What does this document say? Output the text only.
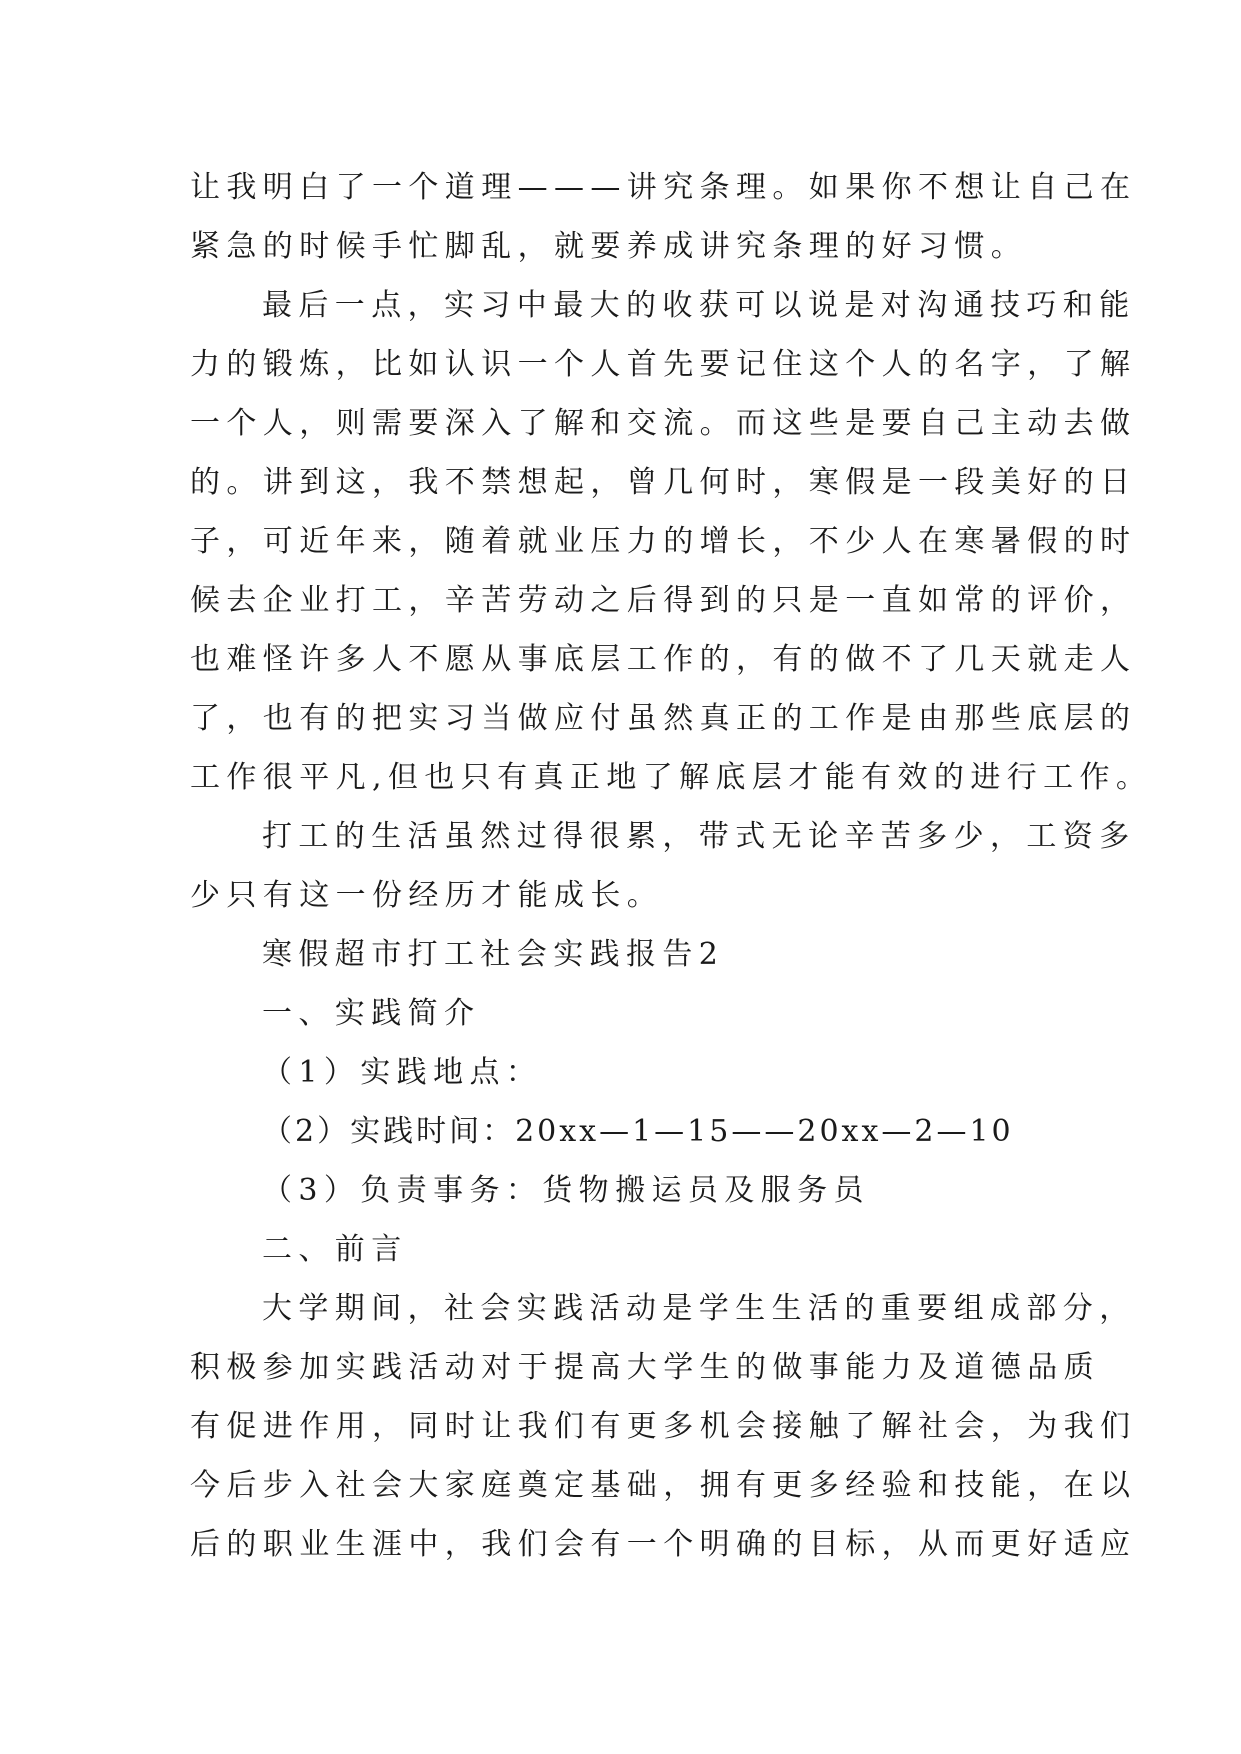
让我明白了一个道理———讲究条理。如果你不想让自己在
紧急的时候手忙脚乱，就要养成讲究条理的好习惯。
最后一点，实习中最大的收获可以说是对沟通技巧和能
力的锻炼，比如认识一个人首先要记住这个人的名字，了解
一个人，则需要深入了解和交流。而这些是要自己主动去做
的。讲到这，我不禁想起，曾几何时，寒假是一段美好的日
子，可近年来，随着就业压力的增长，不少人在寒暑假的时
候去企业打工，辛苦劳动之后得到的只是一直如常的评价，
也难怪许多人不愿从事底层工作的，有的做不了几天就走人
了，也有的把实习当做应付虽然真正的工作是由那些底层的
工作很平凡,但也只有真正地了解底层才能有效的进行工作。
打工的生活虽然过得很累，带式无论辛苦多少，工资多
少只有这一份经历才能成长。
寒假超市打工社会实践报告2
一、实践简介
（1）实践地点：
（2）实践时间：20xx—1—15——20xx—2—10
（3）负责事务：货物搬运员及服务员
二、前言
大学期间，社会实践活动是学生生活的重要组成部分，
积极参加实践活动对于提高大学生的做事能力及道德品质
有促进作用，同时让我们有更多机会接触了解社会，为我们
今后步入社会大家庭奠定基础，拥有更多经验和技能，在以
后的职业生涯中，我们会有一个明确的目标，从而更好适应
